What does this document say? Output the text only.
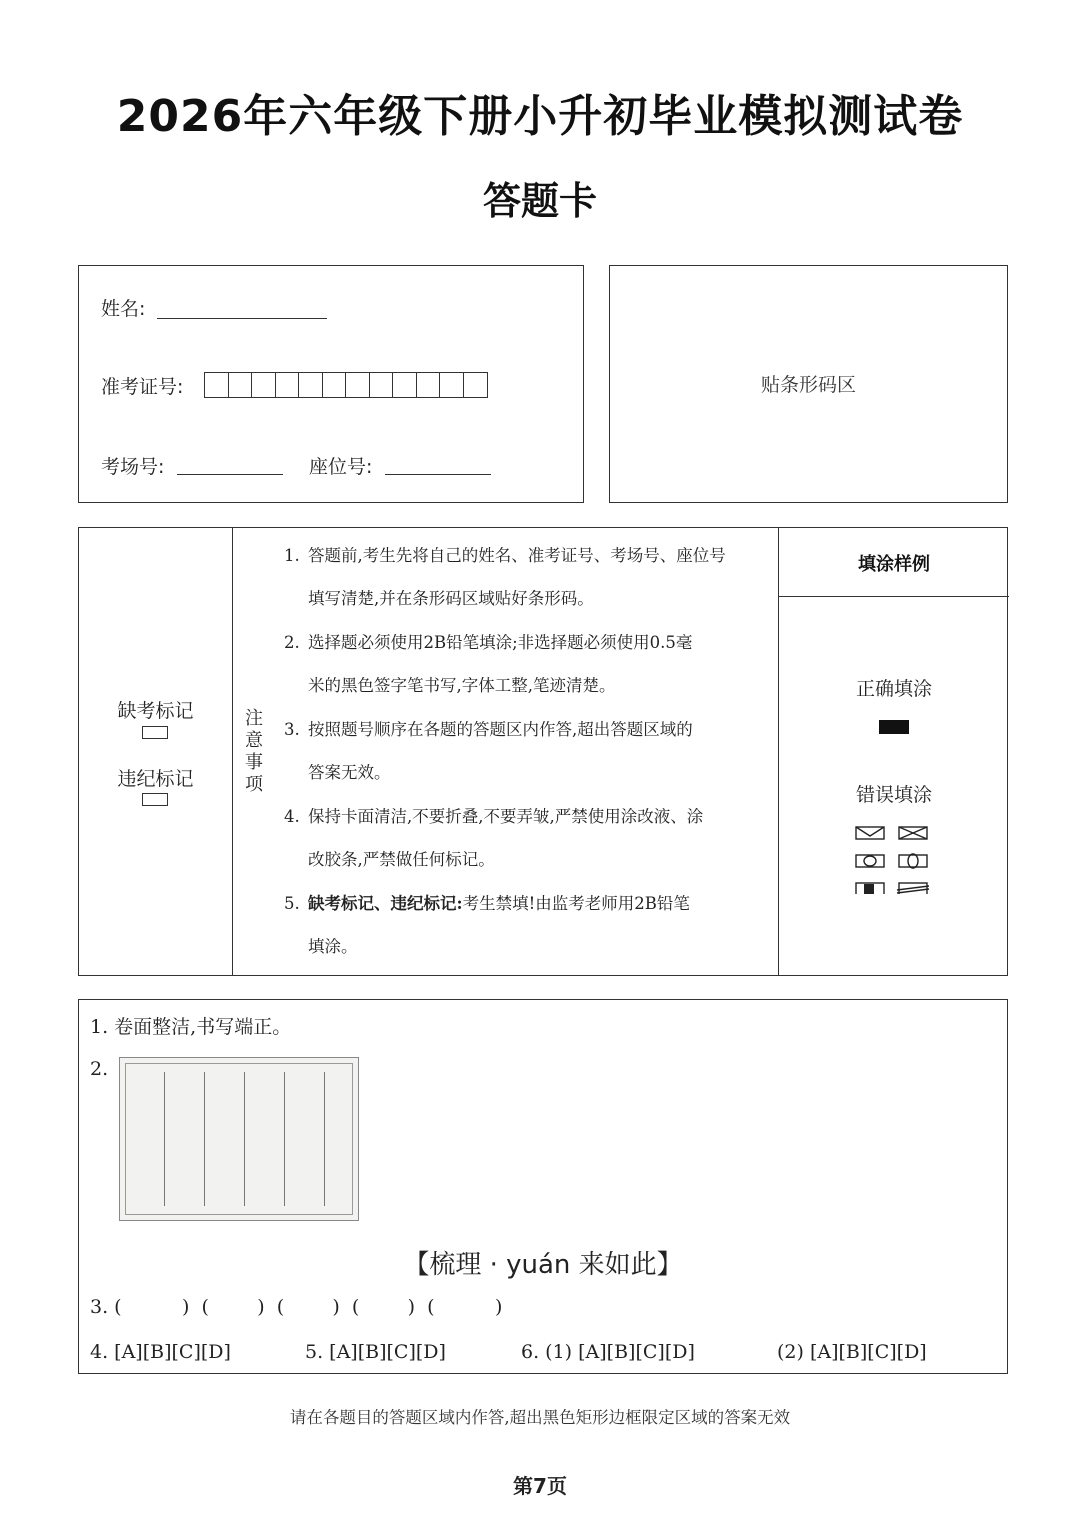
2026年六年级下册小升初毕业模拟测试卷
答题卡
姓名:
准考证号:
考场号:	座位号:
贴条形码区
缺考标记
违纪标记
注意事项
1. 答题前,考生先将自己的姓名、准考证号、考场号、座位号
填写清楚,并在条形码区域贴好条形码。
2. 选择题必须使用2B铅笔填涂;非选择题必须使用0.5毫
米的黑色签字笔书写,字体工整,笔迹清楚。
3. 按照题号顺序在各题的答题区内作答,超出答题区域的
答案无效。
4. 保持卡面清洁,不要折叠,不要弄皱,严禁使用涂改液、涂
改胶条,严禁做任何标记。
5. 缺考标记、违纪标记:考生禁填!由监考老师用2B铅笔
填涂。
填涂样例
正确填涂
错误填涂
1. 卷面整洁,书写端正。
2.
【梳理 · yuán 来如此】
3. (          )  (        )  (        )  (        )  (          )
4. [A][B][C][D]	5. [A][B][C][D]	6. (1) [A][B][C][D]	(2) [A][B][C][D]
请在各题目的答题区域内作答,超出黑色矩形边框限定区域的答案无效
第7页
